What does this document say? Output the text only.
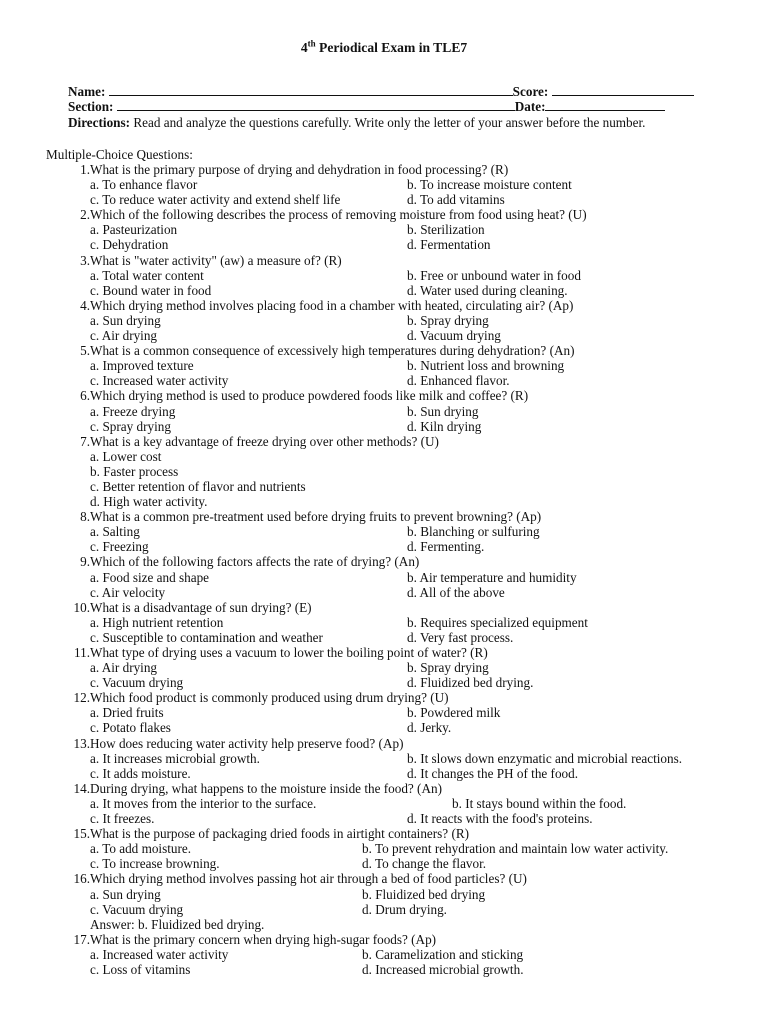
4th Periodical Exam in TLE7
Name:	Score:
Section:	Date:
Directions: Read and analyze the questions carefully. Write only the letter of your answer before the number.
Multiple-Choice Questions:
1. What is the primary purpose of drying and dehydration in food processing? (R)
a. To enhance flavor	b. To increase moisture content
c. To reduce water activity and extend shelf life	d. To add vitamins
2. Which of the following describes the process of removing moisture from food using heat? (U)
a. Pasteurization	b. Sterilization
c. Dehydration	d. Fermentation
3. What is "water activity" (aw) a measure of? (R)
a. Total water content	b. Free or unbound water in food
c. Bound water in food	d. Water used during cleaning.
4. Which drying method involves placing food in a chamber with heated, circulating air? (Ap)
a. Sun drying	b. Spray drying
c. Air drying	d. Vacuum drying
5. What is a common consequence of excessively high temperatures during dehydration? (An)
a. Improved texture	b. Nutrient loss and browning
c. Increased water activity	d. Enhanced flavor.
6. Which drying method is used to produce powdered foods like milk and coffee? (R)
a. Freeze drying	b. Sun drying
c. Spray drying	d. Kiln drying
7. What is a key advantage of freeze drying over other methods? (U)
a. Lower cost
b. Faster process
c. Better retention of flavor and nutrients
d. High water activity.
8. What is a common pre-treatment used before drying fruits to prevent browning? (Ap)
a. Salting	b. Blanching or sulfuring
c. Freezing	d. Fermenting.
9. Which of the following factors affects the rate of drying? (An)
a. Food size and shape	b. Air temperature and humidity
c. Air velocity	d. All of the above
10. What is a disadvantage of sun drying? (E)
a. High nutrient retention	b. Requires specialized equipment
c. Susceptible to contamination and weather	d. Very fast process.
11. What type of drying uses a vacuum to lower the boiling point of water? (R)
a. Air drying	b. Spray drying
c. Vacuum drying	d. Fluidized bed drying.
12. Which food product is commonly produced using drum drying? (U)
a. Dried fruits	b. Powdered milk
c. Potato flakes	d. Jerky.
13. How does reducing water activity help preserve food? (Ap)
a. It increases microbial growth.	b. It slows down enzymatic and microbial reactions.
c. It adds moisture.	d. It changes the PH of the food.
14. During drying, what happens to the moisture inside the food? (An)
a. It moves from the interior to the surface.	b. It stays bound within the food.
c. It freezes.	d. It reacts with the food's proteins.
15. What is the purpose of packaging dried foods in airtight containers? (R)
a. To add moisture.	b. To prevent rehydration and maintain low water activity.
c. To increase browning.	d. To change the flavor.
16. Which drying method involves passing hot air through a bed of food particles? (U)
a. Sun drying	b. Fluidized bed drying
c. Vacuum drying	d. Drum drying.
Answer: b. Fluidized bed drying.
17. What is the primary concern when drying high-sugar foods? (Ap)
a. Increased water activity	b. Caramelization and sticking
c. Loss of vitamins	d. Increased microbial growth.
